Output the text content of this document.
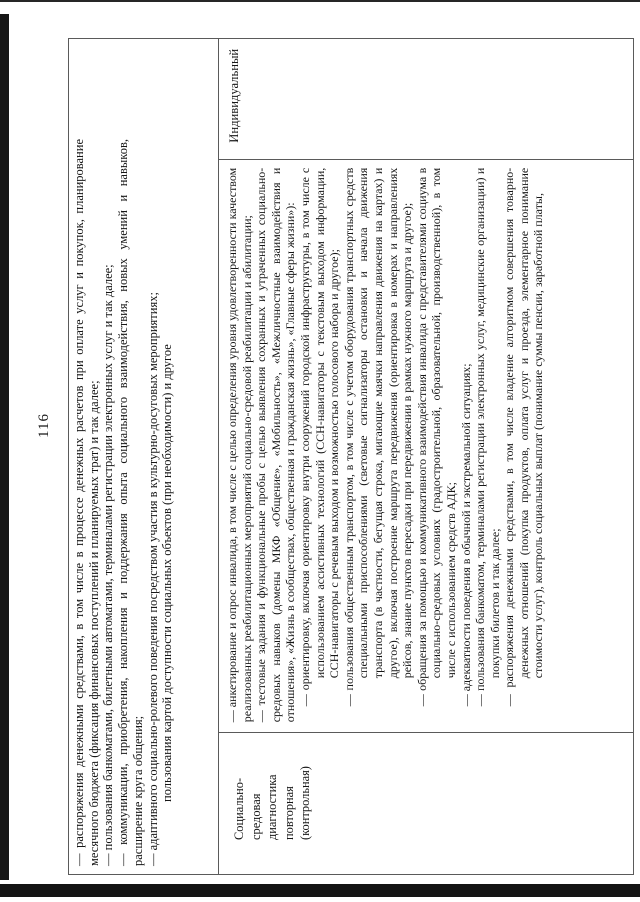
116	— распоряжения денежными средствами, в том числе в процессе денежных расчетов при оплате услуг и покупок, планирование месячного бюджета (фиксация финансовых поступлений и планируемых трат) и так далее; — пользования банкоматами, билетными автоматами, терминалами регистрации электронных услуг и так далее; — коммуникации, приобретения, накопления и поддержания опыта социального взаимодействия, новых умений и навыков, расширение круга общения; — адаптивного социально-ролевого поведения посредством участия в культурно-досуговых мероприятиях; пользования картой доступности социальных объектов (при необходимости) и другое

Социально-средовая диагностика повторная (контрольная)

— анкетирование и опрос инвалида, в том числе с целью определения уровня удовлетворенности качеством реализованных реабилитационных мероприятий социально-средовой реабилитации и абилитации; — тестовые задания и функциональные пробы с целью выявления сохранных и утраченных социально-средовых навыков (домены МКФ «Общение», «Мобильность», «Межличностные взаимодействия и отношения», «Жизнь в сообществах, общественная и гражданская жизнь», «Главные сферы жизни»): — ориентировку, включая ориентировку внутри сооружений городской инфраструктуры, в том числе с использованием ассистивных технологий (ССН-навигаторы с текстовым выходом информации, ССН-навигаторы с речевым выходом и возможностью голосового набора и другое); — пользования общественным транспортом, в том числе с учетом оборудования транспортных средств специальными приспособлениями (световые сигнализаторы остановки и начала движения транспорта (в частности, бегущая строка, мигающие маячки направления движения на картах) и другое), включая построение маршрута передвижения (ориентировка в номерах и направлениях рейсов, знание пунктов пересадки при передвижении в рамках нужного маршрута и другое); — обращения за помощью и коммуникативного взаимодействия инвалида с представителями социума в социально-средовых условиях (градостроительной, образовательной, производственной), в том числе с использованием средств АДК; — адекватности поведения в обычной и экстремальной ситуациях; — пользования банкоматом, терминалами регистрации электронных услуг, медицинские организации) и покупки билетов и так далее; — распоряжения денежными средствами, в том числе владение алгоритмом совершения товарно-денежных отношений (покупка продуктов, оплата услуг и проезда, элементарное понимание стоимости услуг), контроль социальных выплат (понимание суммы пенсии, заработной платы,

Индивидуальный
